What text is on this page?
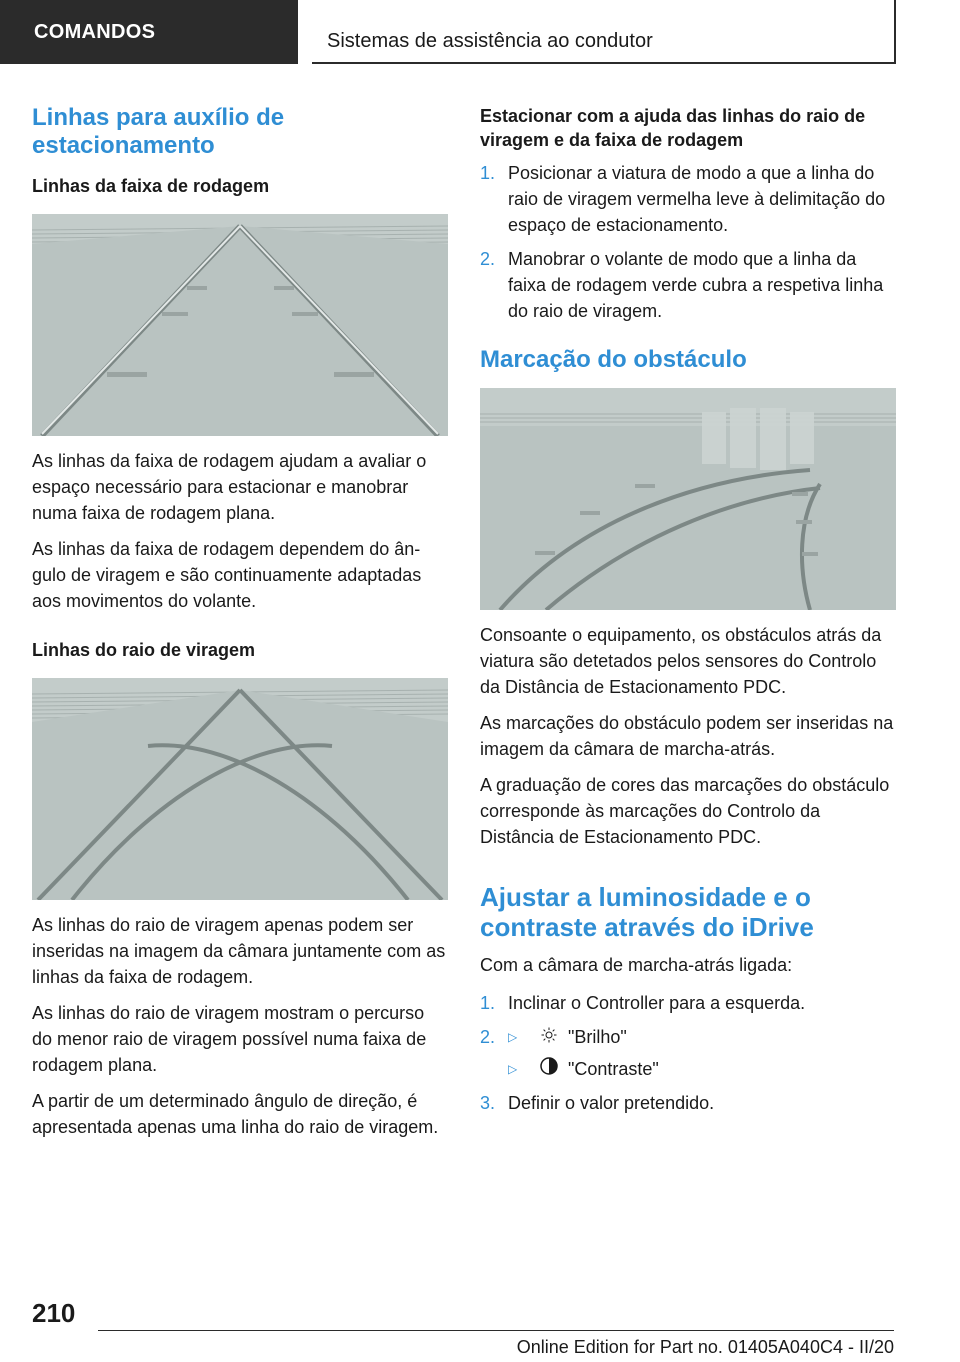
COMANDOS	Sistemas de assistência ao condutor
Linhas para auxílio de estacionamento
Linhas da faixa de rodagem

As linhas da faixa de rodagem ajudam a avaliar o espaço necessário para estacionar e manobrar numa faixa de rodagem plana.

As linhas da faixa de rodagem dependem do ângulo de viragem e são continuamente adaptadas aos movimentos do volante.

Linhas do raio de viragem

As linhas do raio de viragem apenas podem ser inseridas na imagem da câmara juntamente com as linhas da faixa de rodagem.

As linhas do raio de viragem mostram o percurso do menor raio de viragem possível numa faixa de rodagem plana.

A partir de um determinado ângulo de direção, é apresentada apenas uma linha do raio de viragem.

Estacionar com a ajuda das linhas do raio de viragem e da faixa de rodagem
1. Posicionar a viatura de modo a que a linha do raio de viragem vermelha leve à delimitação do espaço de estacionamento.
2. Manobrar o volante de modo que a linha da faixa de rodagem verde cubra a respetiva linha do raio de viragem.
Marcação do obstáculo

Consoante o equipamento, os obstáculos atrás da viatura são detetados pelos sensores do Controlo da Distância de Estacionamento PDC.

As marcações do obstáculo podem ser inseridas na imagem da câmara de marcha-atrás.

A graduação de cores das marcações do obstáculo corresponde às marcações do Controlo da Distância de Estacionamento PDC.

Ajustar a luminosidade e o contraste através do iDrive

Com a câmara de marcha-atrás ligada:

1. Inclinar o Controller para a esquerda.
2. ▷	"Brilho"
▷	"Contraste"
3. Definir o valor pretendido.
210
Online Edition for Part no. 01405A040C4 - II/20
